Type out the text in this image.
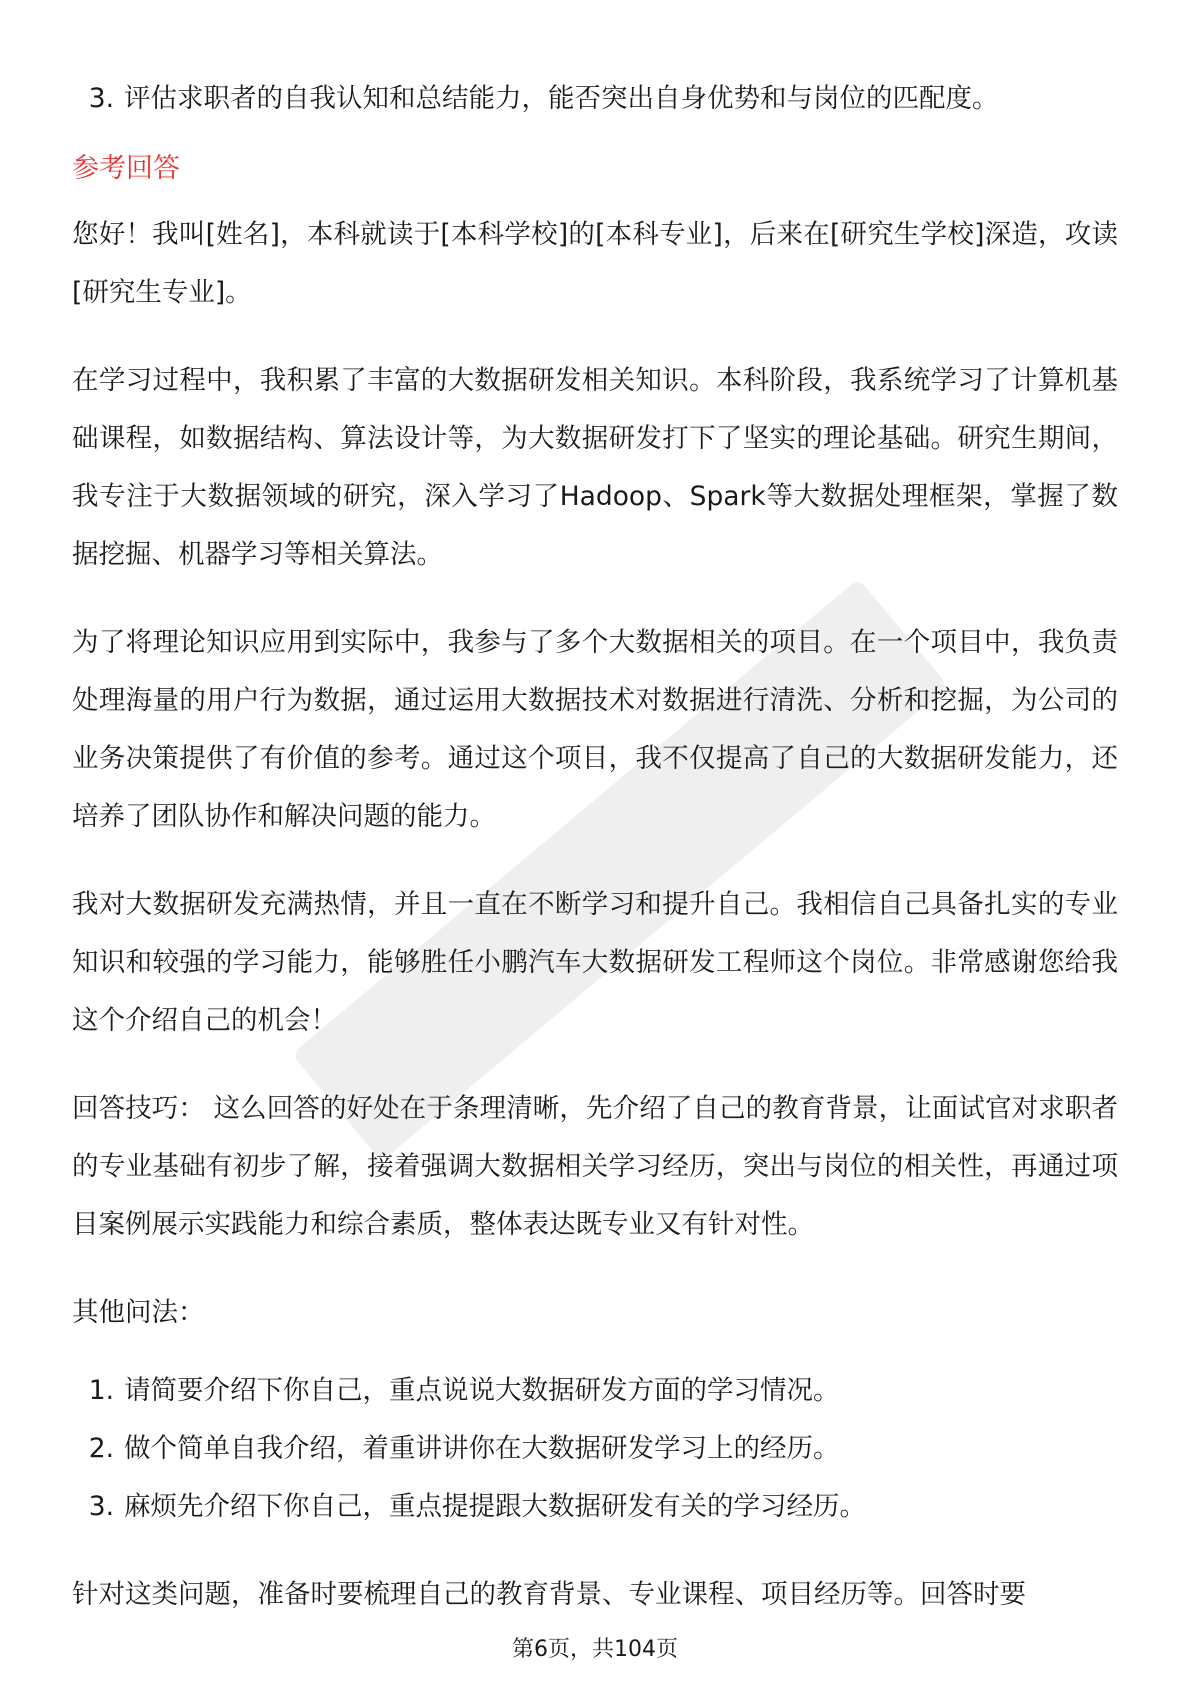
3. 评估求职者的自我认知和总结能力，能否突出自身优势和与岗位的匹配度。
参考回答

您好！我叫[姓名]，本科就读于[本科学校]的[本科专业]，后来在[研究生学校]深造，攻读[研究生专业]。

在学习过程中，我积累了丰富的大数据研发相关知识。本科阶段，我系统学习了计算机基础课程，如数据结构、算法设计等，为大数据研发打下了坚实的理论基础。研究生期间，我专注于大数据领域的研究，深入学习了Hadoop、Spark等大数据处理框架，掌握了数据挖掘、机器学习等相关算法。

为了将理论知识应用到实际中，我参与了多个大数据相关的项目。在一个项目中，我负责处理海量的用户行为数据，通过运用大数据技术对数据进行清洗、分析和挖掘，为公司的业务决策提供了有价值的参考。通过这个项目，我不仅提高了自己的大数据研发能力，还培养了团队协作和解决问题的能力。

我对大数据研发充满热情，并且一直在不断学习和提升自己。我相信自己具备扎实的专业知识和较强的学习能力，能够胜任小鹏汽车大数据研发工程师这个岗位。非常感谢您给我这个介绍自己的机会！

回答技巧： 这么回答的好处在于条理清晰，先介绍了自己的教育背景，让面试官对求职者的专业基础有初步了解，接着强调大数据相关学习经历，突出与岗位的相关性，再通过项目案例展示实践能力和综合素质，整体表达既专业又有针对性。

其他问法：

1. 请简要介绍下你自己，重点说说大数据研发方面的学习情况。
2. 做个简单自我介绍，着重讲讲你在大数据研发学习上的经历。
3. 麻烦先介绍下你自己，重点提提跟大数据研发有关的学习经历。

针对这类问题，准备时要梳理自己的教育背景、专业课程、项目经历等。回答时要

第6页，共104页
